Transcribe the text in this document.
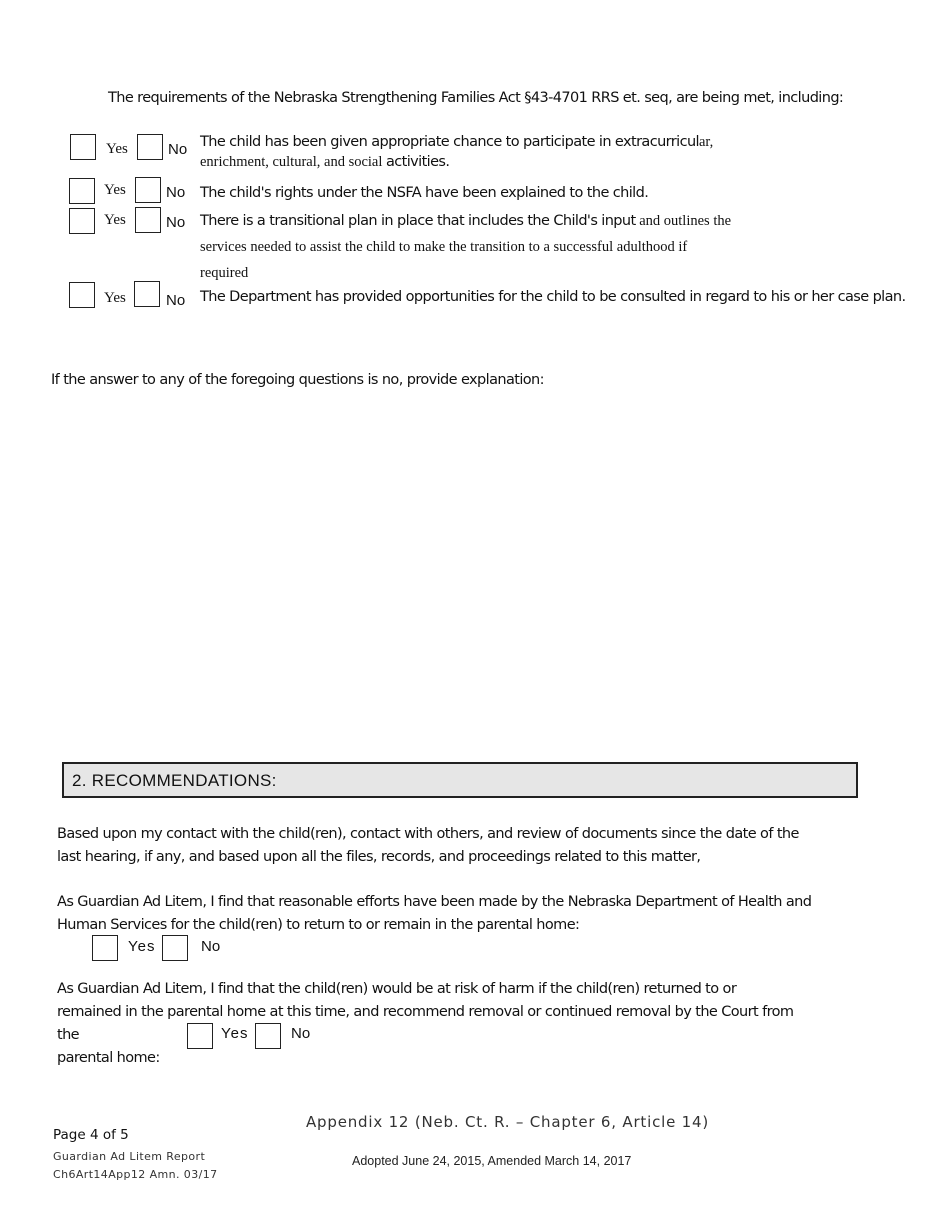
The requirements of the Nebraska Strengthening Families Act §43-4701 RRS et. seq, are being met, including:
Yes	No The child has been given appropriate chance to participate in extracurricular,
enrichment, cultural, and social activities.
Yes	No The child's rights under the NSFA have been explained to the child.
Yes	No There is a transitional plan in place that includes the Child's input and outlines the
services needed to assist the child to make the transition to a successful adulthood if
required
Yes	No The Department has provided opportunities for the child to be consulted in regard to his or her case plan.
If the answer to any of the foregoing questions is no, provide explanation:
2. RECOMMENDATIONS:
Based upon my contact with the child(ren), contact with others, and review of documents since the date of the
last hearing, if any, and based upon all the files, records, and proceedings related to this matter,
As Guardian Ad Litem, I find that reasonable efforts have been made by the Nebraska Department of Health and
Human Services for the child(ren) to return to or remain in the parental home:
Yes	No
As Guardian Ad Litem, I find that the child(ren) would be at risk of harm if the child(ren) returned to or
remained in the parental home at this time, and recommend removal or continued removal by the Court from the
parental home:
Yes	No
Appendix 12 (Neb. Ct. R. – Chapter 6, Article 14)
Page 4 of 5
Guardian Ad Litem Report
Ch6Art14App12 Amn. 03/17
Adopted June 24, 2015, Amended March 14, 2017
